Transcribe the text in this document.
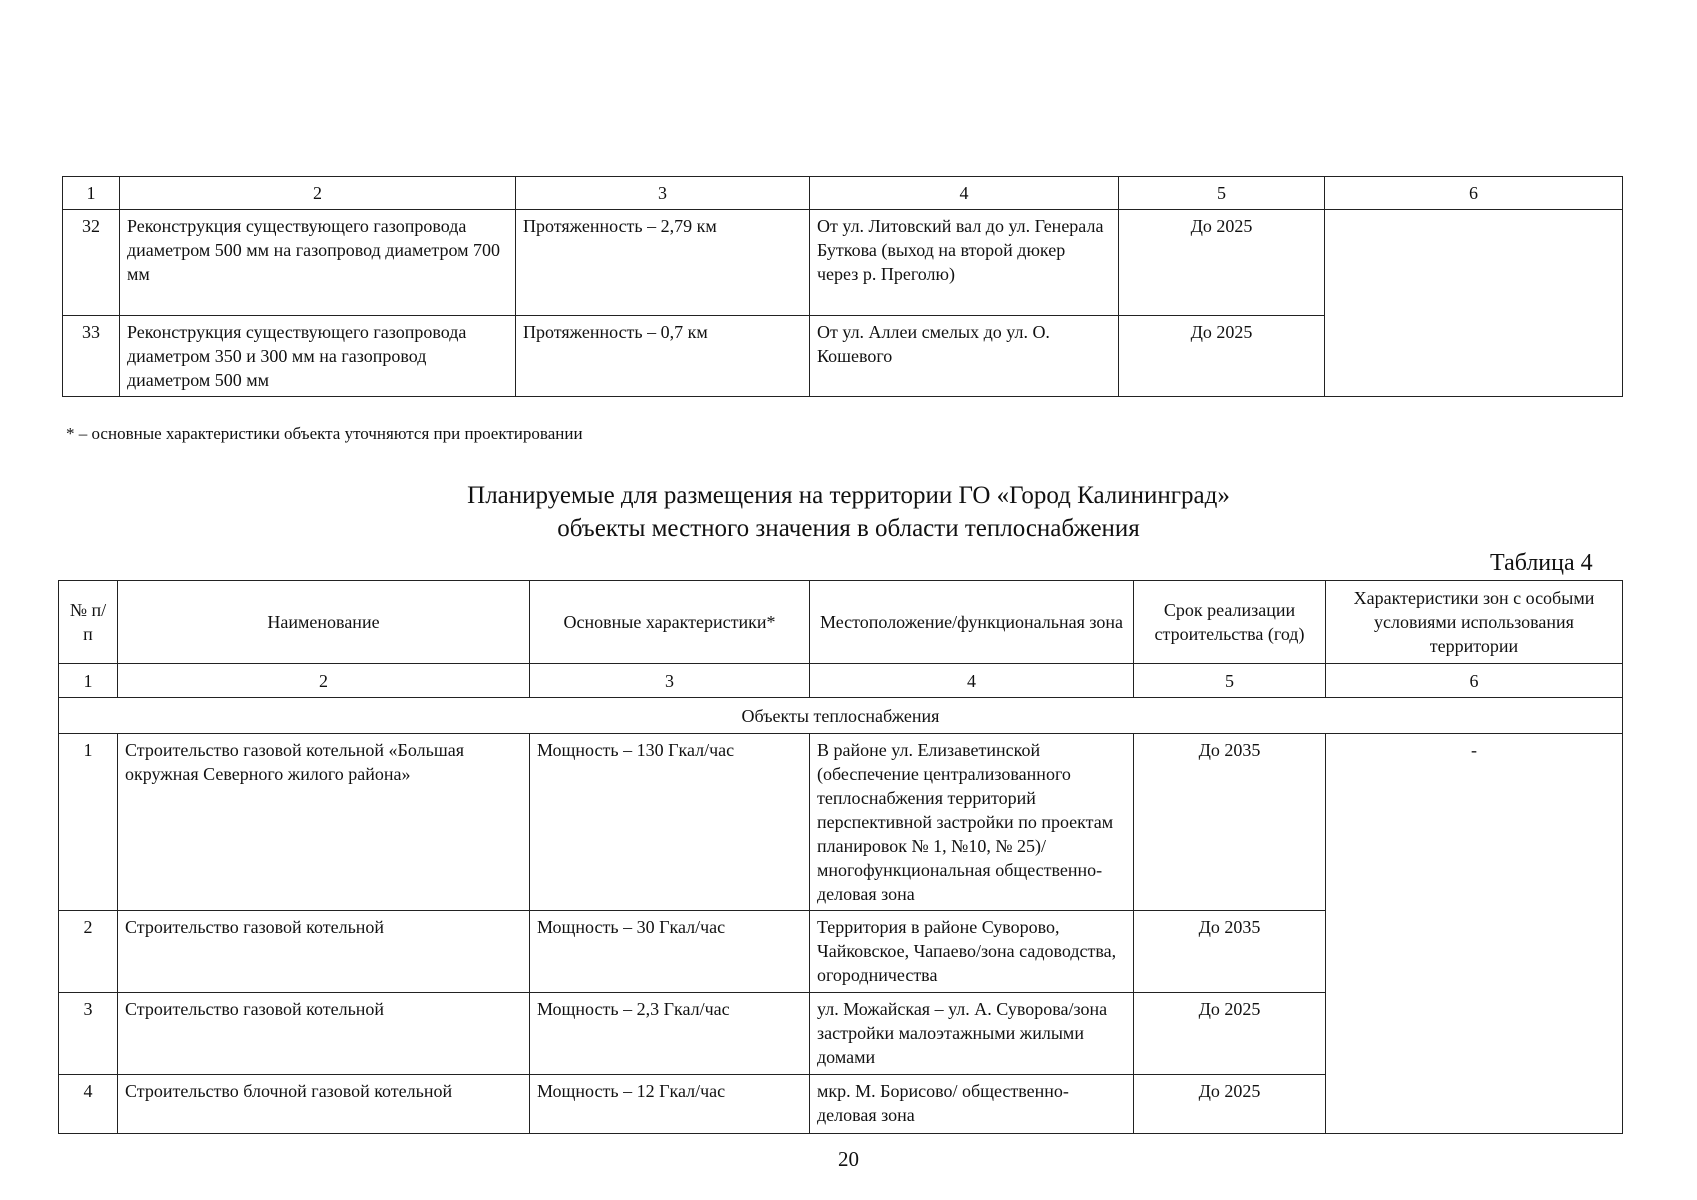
1	2	3	4	5	6
32	Реконструкция существующего газопровода диаметром 500 мм на газопровод диаметром 700 мм	Протяженность – 2,79 км	От ул. Литовский вал до ул. Генерала Буткова (выход на второй дюкер через р. Преголю)	До 2025	
33	Реконструкция существующего газопровода диаметром 350 и 300 мм на газопровод диаметром 500 мм	Протяженность – 0,7 км	От ул. Аллеи смелых до ул. О. Кошевого	До 2025	
* – основные характеристики объекта уточняются при проектировании
Планируемые для размещения на территории ГО «Город Калининград»
объекты местного значения в области теплоснабжения
Таблица 4
№ п/п	Наименование	Основные характеристики*	Местоположение/функциональная зона	Срок реализации строительства (год)	Характеристики зон с особыми условиями использования территории
1	2	3	4	5	6
Объекты теплоснабжения					
1	Строительство газовой котельной «Большая окружная Северного жилого района»	Мощность – 130 Гкал/час	В районе ул. Елизаветинской (обеспечение централизованного теплоснабжения территорий перспективной застройки по проектам планировок № 1, №10, № 25)/многофункциональная общественно-деловая зона	До 2035	-
2	Строительство газовой котельной	Мощность – 30 Гкал/час	Территория в районе Суворово, Чайковское, Чапаево/зона садоводства, огородничества	До 2035	
3	Строительство газовой котельной	Мощность – 2,3 Гкал/час	ул. Можайская – ул. А. Суворова/зона застройки малоэтажными жилыми домами	До 2025	
4	Строительство блочной газовой котельной	Мощность – 12 Гкал/час	мкр. М. Борисово/ общественно-деловая зона	До 2025	
20
